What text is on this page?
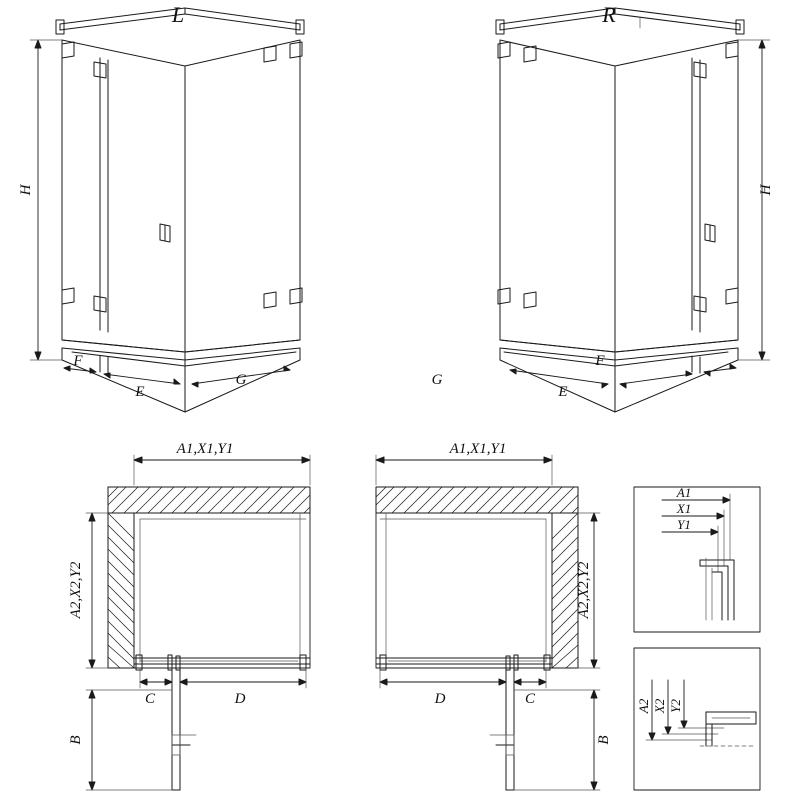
L	R
H	H
F
E
G	G
E
F
A1,X1,Y1	A1,X1,Y1
A2,X2,Y2	A2,X2,Y2
C	D	D	C
B	B
A1
X1
Y1
A2 X2 Y2
